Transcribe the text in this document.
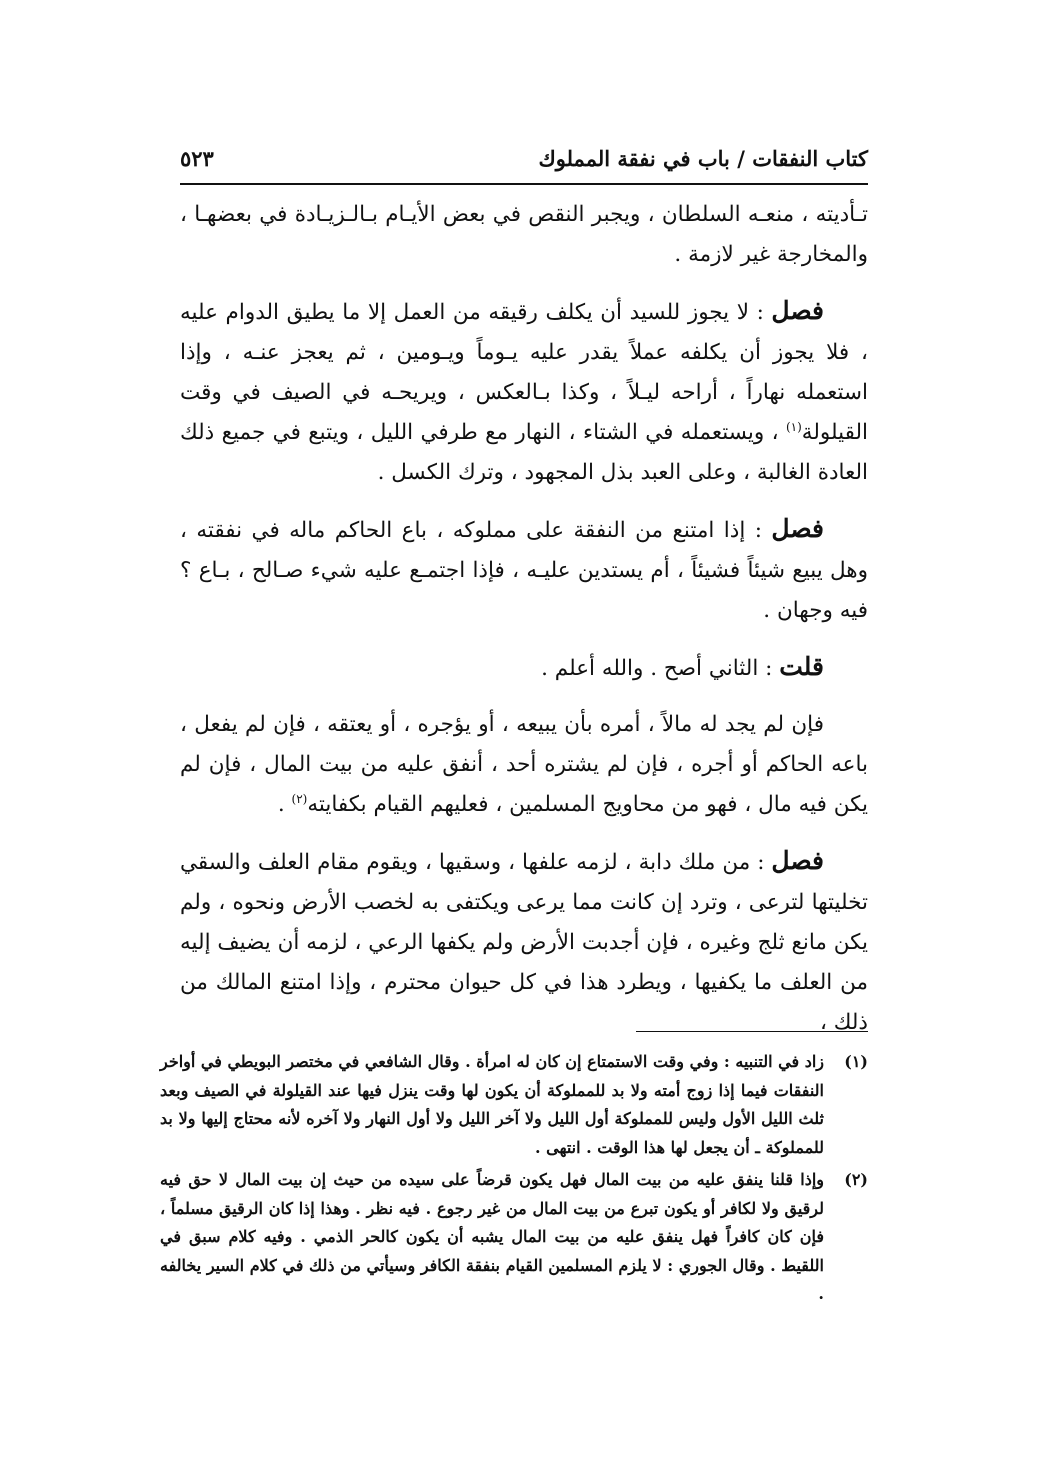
كتاب النفقات / باب في نفقة المملوك
٥٢٣

تـأديته ، منعـه السلطان ، ويجبر النقص في بعض الأيـام بـالـزيـادة في بعضهـا ، والمخارجة غير لازمة .

فصل : لا يجوز للسيد أن يكلف رقيقه من العمل إلا ما يطيق الدوام عليه ، فلا يجوز أن يكلفه عملاً يقدر عليه يـوماً ويـومين ، ثم يعجز عنـه ، وإذا استعمله نهاراً ، أراحه ليـلاً ، وكذا بـالعكس ، ويريحـه في الصيف في وقت القيلولة$^{(١)}$ ، ويستعمله في الشتاء ، النهار مع طرفي الليل ، ويتبع في جميع ذلك العادة الغالبة ، وعلى العبد بذل المجهود ، وترك الكسل .

فصل : إذا امتنع من النفقة على مملوكه ، باع الحاكم ماله في نفقته ، وهل يبيع شيئاً فشيئاً ، أم يستدين عليـه ، فإذا اجتمـع عليه شيء صـالح ، بـاع ؟ فيه وجهان .

قلت : الثاني أصح . والله أعلم .

فإن لم يجد له مالاً ، أمره بأن يبيعه ، أو يؤجره ، أو يعتقه ، فإن لم يفعل ، باعه الحاكم أو أجره ، فإن لم يشتره أحد ، أنفق عليه من بيت المال ، فإن لم يكن فيه مال ، فهو من محاويج المسلمين ، فعليهم القيام بكفايته$^{(٢)}$ .

فصل : من ملك دابة ، لزمه علفها ، وسقيها ، ويقوم مقام العلف والسقي تخليتها لترعى ، وترد إن كانت مما يرعى ويكتفى به لخصب الأرض ونحوه ، ولم يكن مانع ثلج وغيره ، فإن أجدبت الأرض ولم يكفها الرعي ، لزمه أن يضيف إليه من العلف ما يكفيها ، ويطرد هذا في كل حيوان محترم ، وإذا امتنع المالك من ذلك ،

(١)
زاد في التنبيه : وفي وقت الاستمتاع إن كان له امرأة . وقال الشافعي في مختصر البويطي في أواخر النفقات فيما إذا زوج أمته ولا بد للمملوكة أن يكون لها وقت ينزل فيها عند القيلولة في الصيف وبعد ثلث الليل الأول وليس للمملوكة أول الليل ولا آخر الليل ولا أول النهار ولا آخره لأنه محتاج إليها ولا بد للمملوكة ـ أن يجعل لها هذا الوقت . انتهى .
(٢)
وإذا قلنا ينفق عليه من بيت المال فهل يكون قرضاً على سيده من حيث إن بيت المال لا حق فيه لرقيق ولا لكافر أو يكون تبرع من بيت المال من غير رجوع . فيه نظر . وهذا إذا كان الرقيق مسلماً ، فإن كان كافراً فهل ينفق عليه من بيت المال يشبه أن يكون كالحر الذمي . وفيه كلام سبق في اللقيط . وقال الجوري : لا يلزم المسلمين القيام بنفقة الكافر وسيأتي من ذلك في كلام السير يخالفه .
